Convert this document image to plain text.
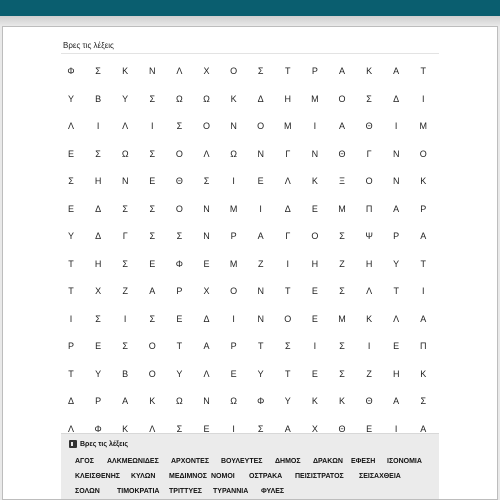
Βρες τις λέξεις
Φ	Σ	Κ	Ν	Λ	Χ	Ο	Σ	Τ	Ρ	Α	Κ	Α	Τ
Υ	Β	Υ	Σ	Ω	Ω	Κ	Δ	Η	Μ	Ο	Σ	Δ	Ι
Λ	Ι	Λ	Ι	Σ	Ο	Ν	Ο	Μ	Ι	Α	Θ	Ι	Μ
Ε	Σ	Ω	Σ	Ο	Λ	Ω	Ν	Γ	Ν	Θ	Γ	Ν	Ο
Σ	Η	Ν	Ε	Θ	Σ	Ι	Ε	Λ	Κ	Ξ	Ο	Ν	Κ
Ε	Δ	Σ	Σ	Ο	Ν	Μ	Ι	Δ	Ε	Μ	Π	Α	Ρ
Υ	Δ	Γ	Σ	Σ	Ν	Ρ	Α	Γ	Ο	Σ	Ψ	Ρ	Α
Τ	Η	Σ	Ε	Φ	Ε	Μ	Ζ	Ι	Η	Ζ	Η	Υ	Τ
Τ	Χ	Ζ	Α	Ρ	Χ	Ο	Ν	Τ	Ε	Σ	Λ	Τ	Ι
Ι	Σ	Ι	Σ	Ε	Δ	Ι	Ν	Ο	Ε	Μ	Κ	Λ	Α
Ρ	Ε	Σ	Ο	Τ	Α	Ρ	Τ	Σ	Ι	Σ	Ι	Ε	Π
Τ	Υ	Β	Ο	Υ	Λ	Ε	Υ	Τ	Ε	Σ	Ζ	Η	Κ
Δ	Ρ	Α	Κ	Ω	Ν	Ω	Φ	Υ	Κ	Κ	Θ	Α	Σ
Λ	Φ	Κ	Λ	Σ	Ε	Ι	Σ	Α	Χ	Θ	Ε	Ι	Α
Βρες τις λέξεις
ΑΓΟΣ ΑΛΚΜΕΩΝΙΔΕΣ ΑΡΧΟΝΤΕΣ ΒΟΥΛΕΥΤΕΣ ΔΗΜΟΣ ΔΡΑΚΩΝ ΕΦΕΣΗ ΙΣΟΝΟΜΙΑ
ΚΛΕΙΣΘΕΝΗΣ ΚΥΛΩΝ ΜΕΔΙΜΝΟΣ ΝΟΜΟΙ ΟΣΤΡΑΚΑ ΠΕΙΣΙΣΤΡΑΤΟΣ ΣΕΙΣΑΧΘΕΙΑ
ΣΟΛΩΝ ΤΙΜΟΚΡΑΤΙΑ ΤΡΙΤΤΥΕΣ ΤΥΡΑΝΝΙΑ ΦΥΛΕΣ
